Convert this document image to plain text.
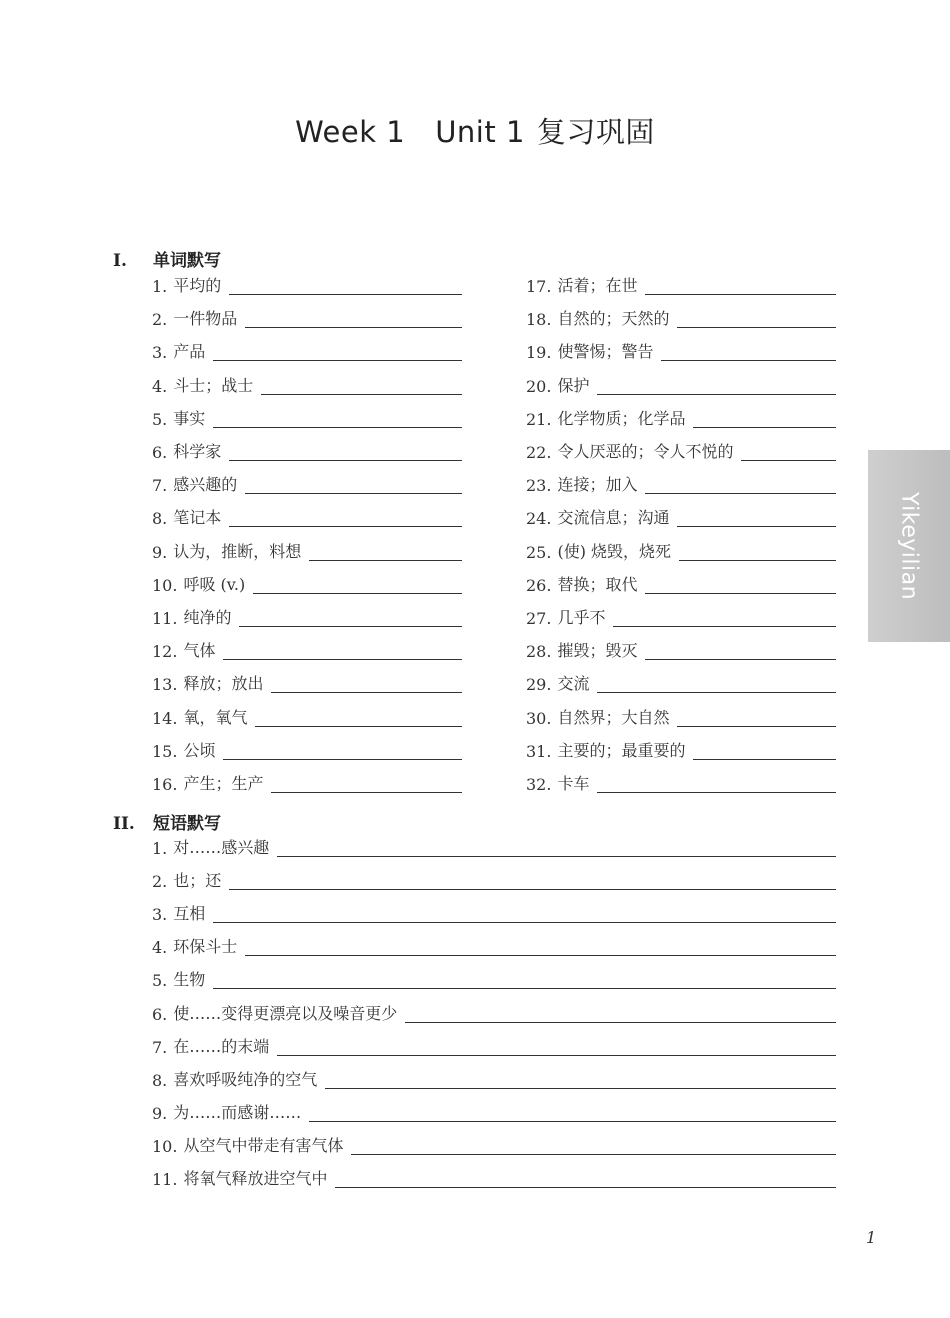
Week 1 Unit 1 复习巩固
I. 单词默写
1. 平均的
2. 一件物品
3. 产品
4. 斗士；战士
5. 事实
6. 科学家
7. 感兴趣的
8. 笔记本
9. 认为，推断，料想
10. 呼吸 (v.)
11. 纯净的
12. 气体
13. 释放；放出
14. 氧，氧气
15. 公顷
16. 产生；生产
17. 活着；在世
18. 自然的；天然的
19. 使警惕；警告
20. 保护
21. 化学物质；化学品
22. 令人厌恶的；令人不悦的
23. 连接；加入
24. 交流信息；沟通
25. (使) 烧毁，烧死
26. 替换；取代
27. 几乎不
28. 摧毁；毁灭
29. 交流
30. 自然界；大自然
31. 主要的；最重要的
32. 卡车
II. 短语默写
1. 对……感兴趣
2. 也；还
3. 互相
4. 环保斗士
5. 生物
6. 使……变得更漂亮以及噪音更少
7. 在……的末端
8. 喜欢呼吸纯净的空气
9. 为……而感谢……
10. 从空气中带走有害气体
11. 将氧气释放进空气中
Yikeyilian
1
